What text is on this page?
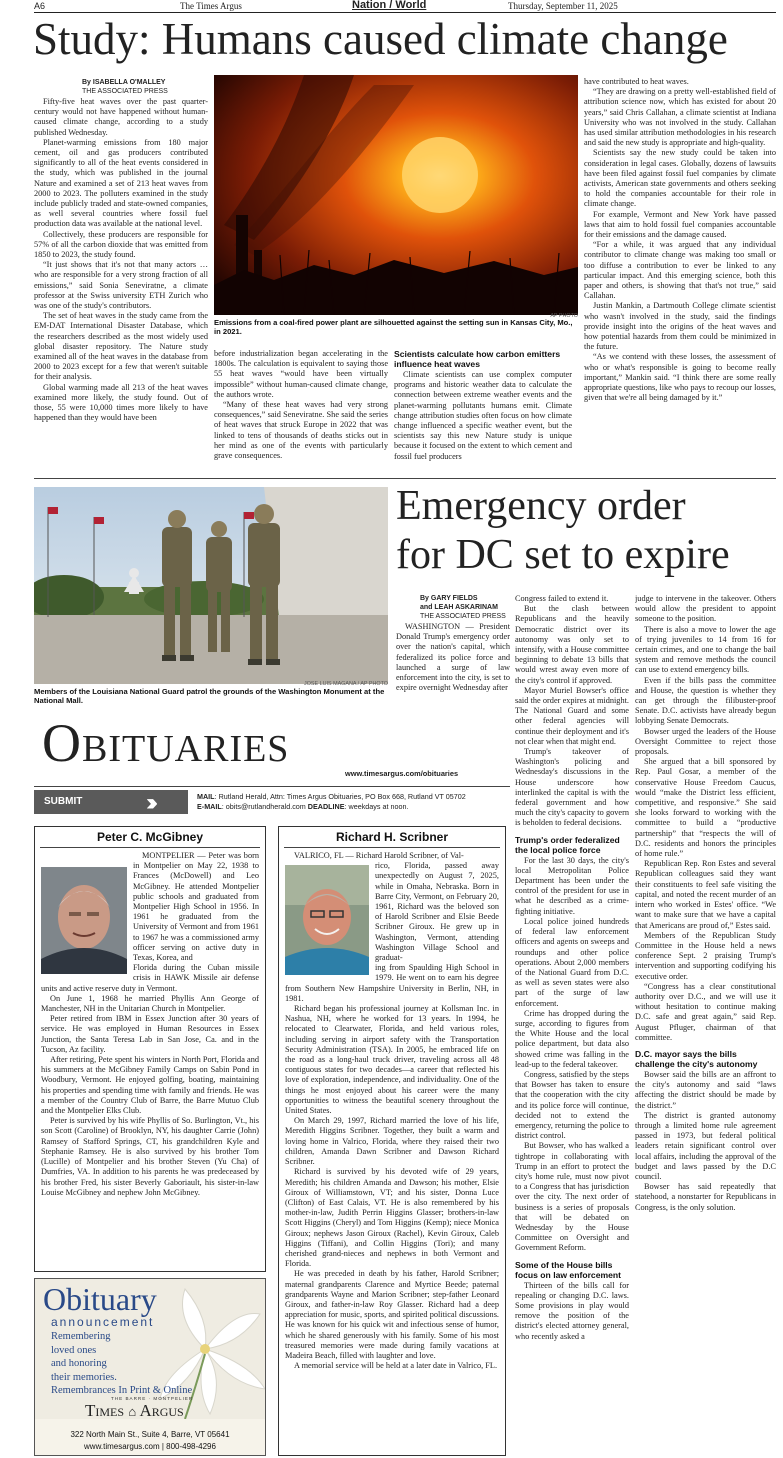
A6	The Times Argus	Nation / World	Thursday, September 11, 2025
Study: Humans caused climate change
By ISABELLA O'MALLEY
THE ASSOCIATED PRESS

Fifty-five heat waves over the past quarter-century would not have happened without human-caused climate change, according to a study published Wednesday.

Planet-warming emissions from 180 major cement, oil and gas producers contributed significantly to all of the heat events considered in the study, which was published in the journal Nature and examined a set of 213 heat waves from 2000 to 2023. The polluters examined in the study include publicly traded and state-owned companies, as well several countries where fossil fuel production data was available at the national level.

Collectively, these producers are responsible for 57% of all the carbon dioxide that was emitted from 1850 to 2023, the study found.

“It just shows that it's not that many actors … who are responsible for a very strong fraction of all emissions,” said Sonia Seneviratne, a climate professor at the Swiss university ETH Zurich who was one of the study's contributors.

The set of heat waves in the study came from the EM-DAT International Disaster Database, which the researchers described as the most widely used global disaster repository. The Nature study examined all of the heat waves in the database from 2000 to 2023 except for a few that weren't suitable for their analysis.

Global warming made all 213 of the heat waves examined more likely, the study found. Out of those, 55 were 10,000 times more likely to have happened than they would have been

AP PHOTO
Emissions from a coal-fired power plant are silhouetted against the setting sun in Kansas City, Mo., in 2021.

before industrialization began accelerating in the 1800s. The calculation is equivalent to saying those 55 heat waves “would have been virtually impossible” without human-caused climate change, the authors wrote.

“Many of these heat waves had very strong consequences,” said Seneviratne. She said the series of heat waves that struck Europe in 2022 that was linked to tens of thousands of deaths sticks out in her mind as one of the events with particularly grave consequences.

Scientists calculate how carbon emitters influence heat waves

Climate scientists can use complex computer programs and historic weather data to calculate the connection between extreme weather events and the planet-warming pollutants humans emit. Climate change attribution studies often focus on how climate change influenced a specific weather event, but the scientists say this new Nature study is unique because it focused on the extent to which cement and fossil fuel producers

have contributed to heat waves.

“They are drawing on a pretty well-established field of attribution science now, which has existed for about 20 years,” said Chris Callahan, a climate scientist at Indiana University who was not involved in the study. Callahan has used similar attribution methodologies in his research and said the new study is appropriate and high-quality.

Scientists say the new study could be taken into consideration in legal cases. Globally, dozens of lawsuits have been filed against fossil fuel companies by climate activists, American state governments and others seeking to hold the companies accountable for their role in climate change.

For example, Vermont and New York have passed laws that aim to hold fossil fuel companies accountable for their emissions and the damage caused.

“For a while, it was argued that any individual contributor to climate change was making too small or too diffuse a contribution to ever be linked to any particular impact. And this emerging science, both this paper and others, is showing that that's not true,” said Callahan.

Justin Mankin, a Dartmouth College climate scientist who wasn't involved in the study, said the findings provide insight into the origins of the heat waves and how potential hazards from them could be minimized in the future.

“As we contend with these losses, the assessment of who or what's responsible is going to become really important,” Mankin said. “I think there are some really appropriate questions, like who pays to recoup our losses, given that we're all being damaged by it.”

JOSE LUIS MAGANA / AP PHOTO
Members of the Louisiana National Guard patrol the grounds of the Washington Monument at the National Mall.
Emergency order
for DC set to expire
By GARY FIELDS
and LEAH ASKARINAM
THE ASSOCIATED PRESS

WASHINGTON — President Donald Trump's emergency order over the nation's capital, which federalized its police force and launched a surge of law enforcement into the city, is set to expire overnight Wednesday after

Congress failed to extend it.

But the clash between Republicans and the heavily Democratic district over its autonomy was only set to intensify, with a House committee beginning to debate 13 bills that would wrest away even more of the city's control if approved.

Mayor Muriel Bowser's office said the order expires at midnight. The National Guard and some other federal agencies will continue their deployment and it's not clear when that might end.

Trump's takeover of Washington's policing and Wednesday's discussions in the House underscore how interlinked the capital is with the federal government and how much the city's capacity to govern is beholden to federal decisions.

Trump's order federalized the local police force

For the last 30 days, the city's local Metropolitan Police Department has been under the control of the president for use in what he described as a crime-fighting initiative.

Local police joined hundreds of federal law enforcement officers and agents on sweeps and roundups and other police operations. About 2,000 members of the National Guard from D.C. as well as seven states were also part of the surge of law enforcement.

Crime has dropped during the surge, according to figures from the White House and the local police department, but data also showed crime was falling in the lead-up to the federal takeover.

Congress, satisfied by the steps that Bowser has taken to ensure that the cooperation with the city and its police force will continue, decided not to extend the emergency, returning the police to district control.

But Bowser, who has walked a tightrope in collaborating with Trump in an effort to protect the city's home rule, must now pivot to a Congress that has jurisdiction over the city. The next order of business is a series of proposals that will be debated on Wednesday by the House Committee on Oversight and Government Reform.

Some of the House bills focus on law enforcement

Thirteen of the bills call for repealing or changing D.C. laws. Some provisions in play would remove the position of the district's elected attorney general, who recently asked a

judge to intervene in the takeover. Others would allow the president to appoint someone to the position.

There is also a move to lower the age of trying juveniles to 14 from 16 for certain crimes, and one to change the bail system and remove methods the council can use to extend emergency bills.

Even if the bills pass the committee and House, the question is whether they can get through the filibuster-proof Senate. D.C. activists have already begun lobbying Senate Democrats.

Bowser urged the leaders of the House Oversight Committee to reject those proposals.

She argued that a bill sponsored by Rep. Paul Gosar, a member of the conservative House Freedom Caucus, would “make the District less efficient, competitive, and responsive.” She said she looks forward to working with the committee to build a “productive partnership” that “respects the will of D.C. residents and honors the principles of home rule.”

Republican Rep. Ron Estes and several Republican colleagues said they want their constituents to feel safe visiting the capital, and noted the recent murder of an intern who worked in Estes' office. “We want to make sure that we have a capital that Americans are proud of,” Estes said.

Members of the Republican Study Committee in the House held a news conference Sept. 2 praising Trump's intervention and supporting codifying his executive order.

“Congress has a clear constitutional authority over D.C., and we will use it without hesitation to continue making D.C. safe and great again,” said Rep. August Pfluger, chairman of that committee.

D.C. mayor says the bills challenge the city's autonomy

Bowser said the bills are an affront to the city's autonomy and said “laws affecting the district should be made by the district.”

The district is granted autonomy through a limited home rule agreement passed in 1973, but federal political leaders retain significant control over local affairs, including the approval of the budget and laws passed by the D.C council.

Bowser has said repeatedly that statehood, a nonstarter for Republicans in Congress, is the only solution.

Obituaries
www.timesargus.com/obituaries
SUBMIT	›››	MAIL: Rutland Herald, Attn: Times Argus Obituaries, PO Box 668, Rutland VT 05702
E-MAIL: obits@rutlandherald.com DEADLINE: weekdays at noon.
Peter C. McGibney

MONTPELIER — Peter was born in Montpelier on May 22, 1938 to Frances (McDowell) and Leo McGibney. He attended Montpelier public schools and graduated from Montpelier High School in 1956. In 1961 he graduated from the University of Vermont and from 1961 to 1967 he was a commissioned army officer serving on active duty in Texas, Korea, and

Florida during the Cuban missile crisis in HAWK Missile air defense units and active reserve duty in Vermont.

On June 1, 1968 he married Phyllis Ann George of Manchester, NH in the Unitarian Church in Montpelier.

Peter retired from IBM in Essex Junction after 30 years of service. He was employed in Human Resources in Essex Junction, the Santa Teresa Lab in San Jose, Ca. and in the Tucson, Az facility.

After retiring, Pete spent his winters in North Port, Florida and his summers at the McGibney Family Camps on Sabin Pond in Woodbury, Vermont. He enjoyed golfing, boating, maintaining his properties and spending time with family and friends. He was a member of the Country Club of Barre, the Barre Mutuo Club and the Montpelier Elks Club.

Peter is survived by his wife Phyllis of So. Burlington, Vt., his son Scott (Caroline) of Brooklyn, NY, his daughter Carrie (John) Ramsey of Stafford Springs, CT, his grandchildren Kyle and Stephanie Ramsey. He is also survived by his brother Tom (Lucille) of Montpelier and his brother Steven (Yu Cha) of Dumfries, VA. In addition to his parents he was predeceased by his brother Fred, his sister Beverly Gaboriault, his sister-in-law Louise McGibney and nephew John McGibney.

Obituary
announcement
Remembering
loved ones
and honoring
their memories.
Remembrances In Print & Online
THE BARRE · MONTPELIER
Times ⌂ Argus
322 North Main St., Suite 4, Barre, VT 05641
www.timesargus.com | 800-498-4296
Richard H. Scribner

VALRICO, FL — Richard Harold Scribner, of Val-

rico, Florida, passed away unexpectedly on August 7, 2025, while in Omaha, Nebraska. Born in Barre City, Vermont, on February 20, 1961, Richard was the beloved son of Harold Scribner and Elsie Beede Scribner Giroux. He grew up in Washington, Vermont, attending Washington Village School and graduat-

ing from Spaulding High School in 1979. He went on to earn his degree from Southern New Hampshire University in Berlin, NH, in 1981.

Richard began his professional journey at Kollsman Inc. in Nashua, NH, where he worked for 13 years. In 1994, he relocated to Clearwater, Florida, and held various roles, including serving in airport safety with the Transportation Security Administration (TSA). In 2005, he embraced life on the road as a long-haul truck driver, traveling across all 48 contiguous states for two decades—a career that reflected his love of exploration, independence, and individuality. One of the things he most enjoyed about his career were the many opportunities to witness the beautiful scenery throughout the United States.

On March 29, 1997, Richard married the love of his life, Meredith Higgins Scribner. Together, they built a warm and loving home in Valrico, Florida, where they raised their two children, Amanda Dawn Scribner and Dawson Richard Scribner.

Richard is survived by his devoted wife of 29 years, Meredith; his children Amanda and Dawson; his mother, Elsie Giroux of Williamstown, VT; and his sister, Donna Luce (Clifton) of East Calais, VT. He is also remembered by his mother-in-law, Judith Perrin Higgins Glasser; brothers-in-law Scott Higgins (Cheryl) and Tom Higgins (Kemp); niece Monica Giroux; nephews Jason Giroux (Rachel), Kevin Giroux, Caleb Higgins (Tiffani), and Collin Higgins (Tori); and many cherished grand-nieces and nephews in both Vermont and Florida.

He was preceded in death by his father, Harold Scribner; maternal grandparents Clarence and Myrtice Beede; paternal grandparents Wayne and Marion Scribner; step-father Leonard Giroux, and father-in-law Roy Glasser. Richard had a deep appreciation for music, sports, and spirited political discussions. He was known for his quick wit and infectious sense of humor, which he shared generously with his family. Some of his most treasured memories were made during family vacations at Madeira Beach, filled with laughter and love.

A memorial service will be held at a later date in Valrico, FL.
